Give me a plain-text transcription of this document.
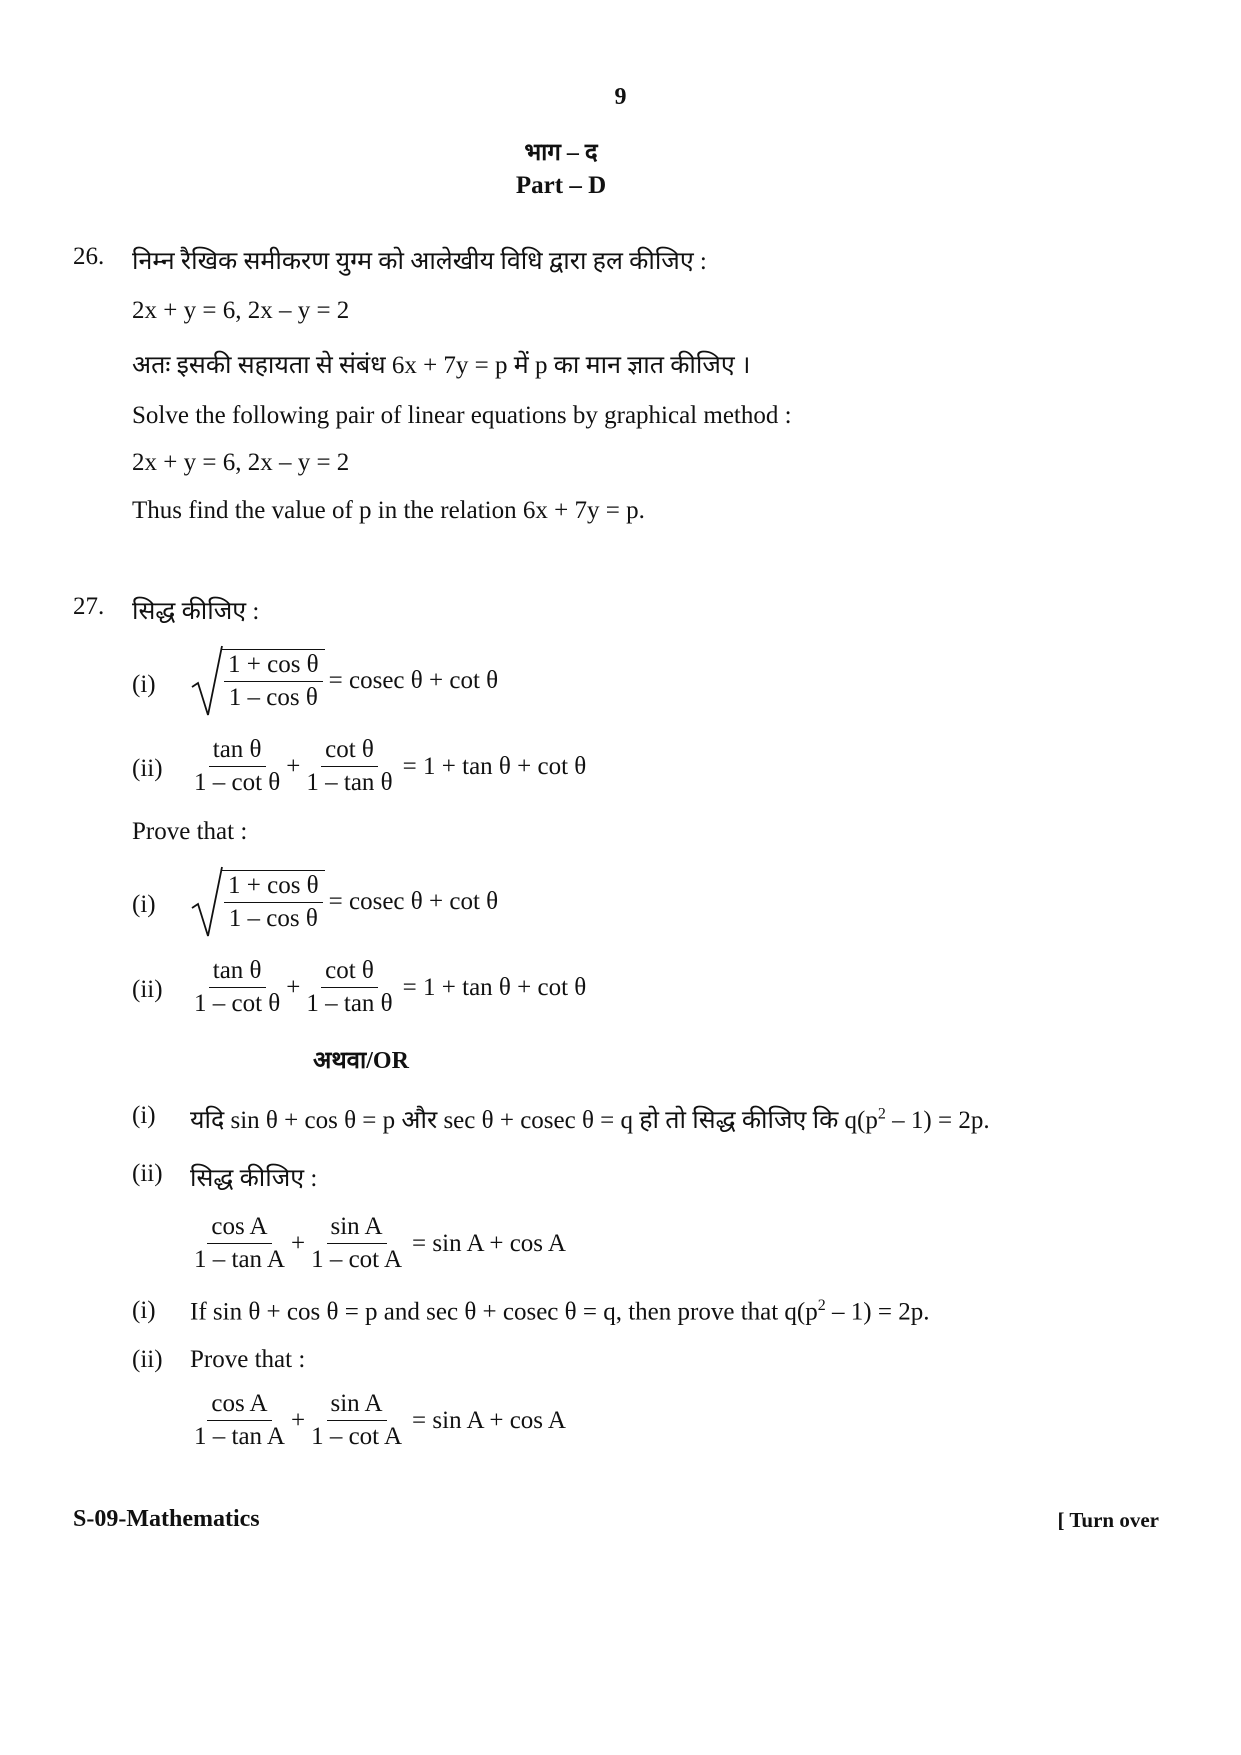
9
भाग – द
Part – D
26. निम्न रैखिक समीकरण युग्म को आलेखीय विधि द्वारा हल कीजिए :
2x + y = 6, 2x – y = 2
अतः इसकी सहायता से संबंध 6x + 7y = p में p का मान ज्ञात कीजिए ।
Solve the following pair of linear equations by graphical method :
2x + y = 6, 2x – y = 2
Thus find the value of p in the relation 6x + 7y = p.
27. सिद्ध कीजिए :
(i)	$\frac{\text{1 + cos θ}}{\text{1 – cos θ}} = cosec$ θ + cot θ
$(ii) \frac{\text{tan θ}}{\text{1 – cot θ}} + \frac{\text{cot θ}}{\text{1 – tan θ}} = 1 + \tan \theta + \cot \theta$
Prove that :
(i)	$\frac{\text{1 + cos θ}}{\text{1 – cos θ}} = cosec$ θ + cot θ
$(ii) \frac{\text{tan θ}}{\text{1 – cot θ}} + \frac{\text{cot θ}}{\text{1 – tan θ}} = 1 + \tan \theta + \cot \theta$
अथवा/OR
(i) यदि sin θ + cos θ = p और sec θ + cosec θ = q हो तो सिद्ध कीजिए कि $q(p^2 - 1) = 2p$.
(ii) सिद्ध कीजिए :
$\frac{\text{cos A}}{\text{1 – tan A}} + \frac{\text{sin A}}{\text{1 – cot A}} = \sin A + \cos A$
(i) If sin θ + cos θ = p and sec θ + cosec θ = q, then prove that $q(p^2 - 1) = 2p$.
(ii) Prove that :
$\frac{\text{cos A}}{\text{1 – tan A}} + \frac{\text{sin A}}{\text{1 – cot A}} = \sin A + \cos A$
S-09-Mathematics	[ Turn over
